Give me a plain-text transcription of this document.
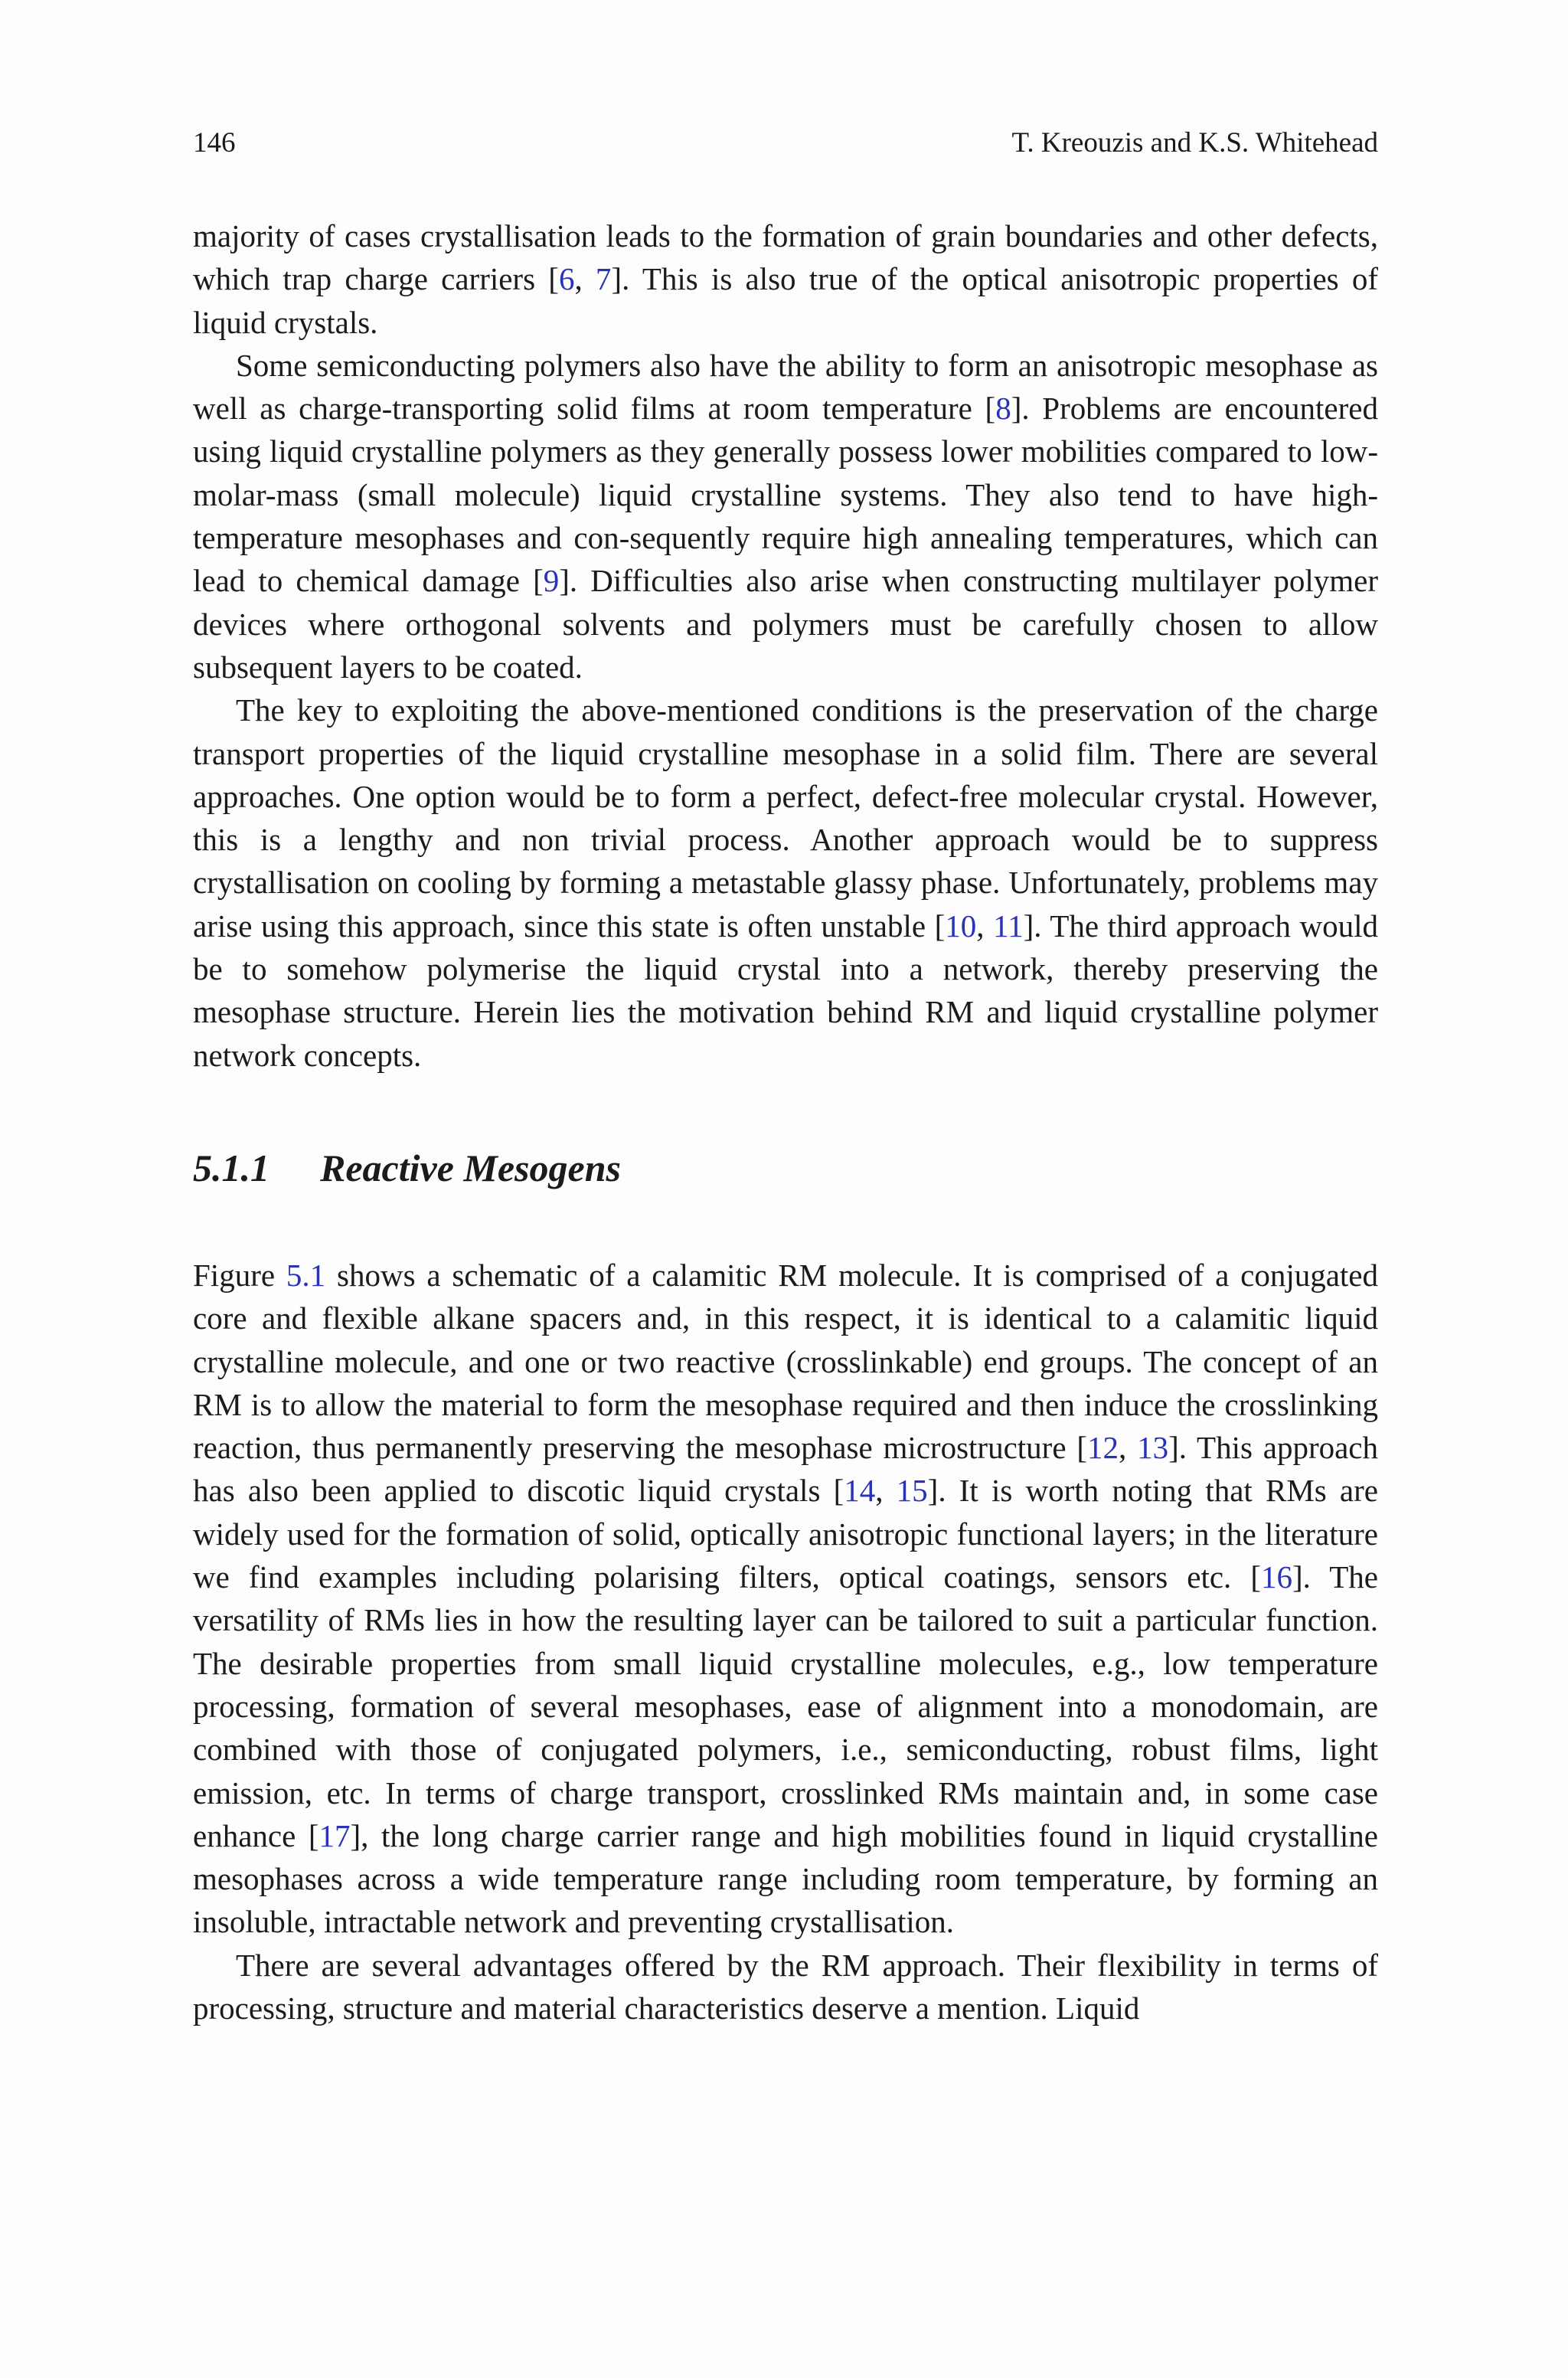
146	T. Kreouzis and K.S. Whitehead

majority of cases crystallisation leads to the formation of grain boundaries and other defects, which trap charge carriers [6, 7]. This is also true of the optical anisotropic properties of liquid crystals.

Some semiconducting polymers also have the ability to form an anisotropic mesophase as well as charge-transporting solid films at room temperature [8]. Problems are encountered using liquid crystalline polymers as they generally possess lower mobilities compared to low-molar-mass (small molecule) liquid crystalline systems. They also tend to have high-temperature mesophases and con-sequently require high annealing temperatures, which can lead to chemical damage [9]. Difficulties also arise when constructing multilayer polymer devices where orthogonal solvents and polymers must be carefully chosen to allow subsequent layers to be coated.

The key to exploiting the above-mentioned conditions is the preservation of the charge transport properties of the liquid crystalline mesophase in a solid film. There are several approaches. One option would be to form a perfect, defect-free molecular crystal. However, this is a lengthy and non trivial process. Another approach would be to suppress crystallisation on cooling by forming a metastable glassy phase. Unfortunately, problems may arise using this approach, since this state is often unstable [10, 11]. The third approach would be to somehow polymerise the liquid crystal into a network, thereby preserving the mesophase structure. Herein lies the motivation behind RM and liquid crystalline polymer network concepts.

5.1.1 Reactive Mesogens

Figure 5.1 shows a schematic of a calamitic RM molecule. It is comprised of a conjugated core and flexible alkane spacers and, in this respect, it is identical to a calamitic liquid crystalline molecule, and one or two reactive (crosslinkable) end groups. The concept of an RM is to allow the material to form the mesophase required and then induce the crosslinking reaction, thus permanently preserving the mesophase microstructure [12, 13]. This approach has also been applied to discotic liquid crystals [14, 15]. It is worth noting that RMs are widely used for the formation of solid, optically anisotropic functional layers; in the literature we find examples including polarising filters, optical coatings, sensors etc. [16]. The versatility of RMs lies in how the resulting layer can be tailored to suit a particular function. The desirable properties from small liquid crystalline molecules, e.g., low temperature processing, formation of several mesophases, ease of alignment into a monodomain, are combined with those of conjugated polymers, i.e., semiconducting, robust films, light emission, etc. In terms of charge transport, crosslinked RMs maintain and, in some case enhance [17], the long charge carrier range and high mobilities found in liquid crystalline mesophases across a wide temperature range including room temperature, by forming an insoluble, intractable network and preventing crystallisation.

There are several advantages offered by the RM approach. Their flexibility in terms of processing, structure and material characteristics deserve a mention. Liquid
